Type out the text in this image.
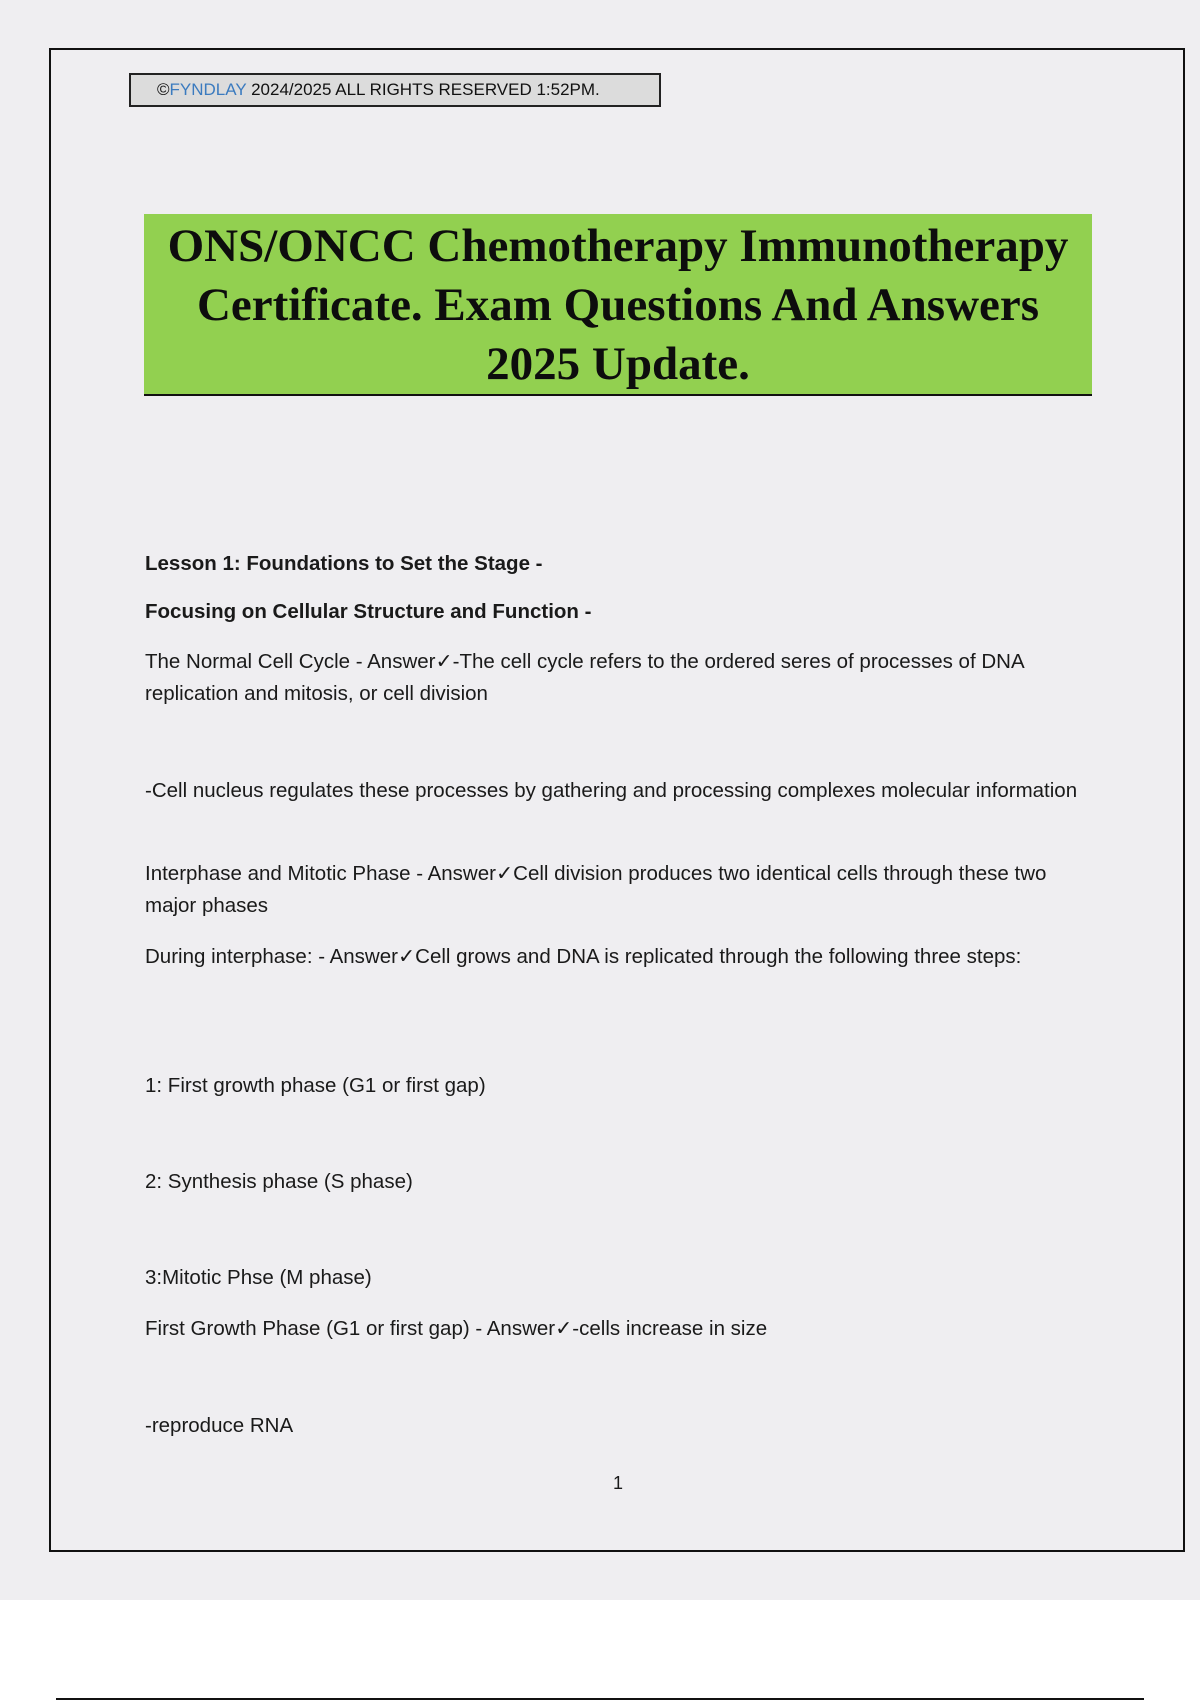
©FYNDLAY 2024/2025 ALL RIGHTS RESERVED 1:52PM.
ONS/ONCC Chemotherapy Immunotherapy
Certificate. Exam Questions And Answers
2025 Update.
Lesson 1: Foundations to Set the Stage -
Focusing on Cellular Structure and Function -
The Normal Cell Cycle - Answer✓-The cell cycle refers to the ordered seres of processes of DNA replication and mitosis, or cell division
-Cell nucleus regulates these processes by gathering and processing complexes molecular information
Interphase and Mitotic Phase - Answer✓Cell division produces two identical cells through these two major phases
During interphase: - Answer✓Cell grows and DNA is replicated through the following three steps:
1: First growth phase (G1 or first gap)
2: Synthesis phase (S phase)
3:Mitotic Phse (M phase)
First Growth Phase (G1 or first gap) - Answer✓-cells increase in size
-reproduce RNA
1
